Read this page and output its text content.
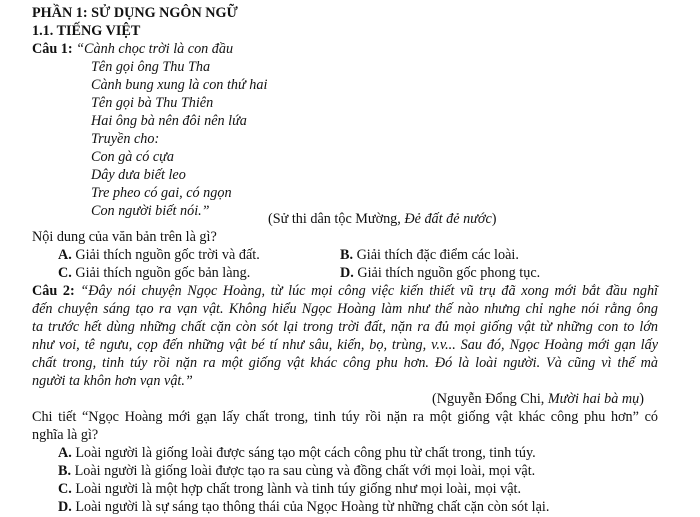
PHẦN 1: SỬ DỤNG NGÔN NGỮ
1.1. TIẾNG VIỆT
Câu 1: “Cành chọc trời là con đầu
Tên gọi ông Thu Tha
Cành bung xung là con thứ hai
Tên gọi bà Thu Thiên
Hai ông bà nên đôi nên lứa
Truyền cho:
Con gà có cựa
Dây dưa biết leo
Tre pheo có gai, có ngọn
Con người biết nói.”	(Sử thi dân tộc Mường, Đẻ đất đẻ nước)
Nội dung của văn bản trên là gì?
A. Giải thích nguồn gốc trời và đất.	B. Giải thích đặc điểm các loài.
C. Giải thích nguồn gốc bản làng.	D. Giải thích nguồn gốc phong tục.
Câu 2: “Đây nói chuyện Ngọc Hoàng, từ lúc mọi công việc kiến thiết vũ trụ đã xong mới bắt đầu nghĩ
đến chuyện sáng tạo ra vạn vật. Không hiểu Ngọc Hoàng làm như thế nào nhưng chỉ nghe nói rằng ông
ta trước hết dùng những chất cặn còn sót lại trong trời đất, nặn ra đủ mọi giống vật từ những con to lớn
như voi, tê ngưu, cọp đến những vật bé tí như sâu, kiến, bọ, trùng, v.v... Sau đó, Ngọc Hoàng mới gạn lấy
chất trong, tinh túy rồi nặn ra một giống vật khác công phu hơn. Đó là loài người. Và cũng vì thế mà
người ta khôn hơn vạn vật.”
(Nguyễn Đổng Chi, Mười hai bà mụ)
Chi tiết “Ngọc Hoàng mới gạn lấy chất trong, tinh túy rồi nặn ra một giống vật khác công phu hơn” có
nghĩa là gì?
A. Loài người là giống loài được sáng tạo một cách công phu từ chất trong, tinh túy.
B. Loài người là giống loài được tạo ra sau cùng và đồng chất với mọi loài, mọi vật.
C. Loài người là một hợp chất trong lành và tinh túy giống như mọi loài, mọi vật.
D. Loài người là sự sáng tạo thông thái của Ngọc Hoàng từ những chất cặn còn sót lại.
